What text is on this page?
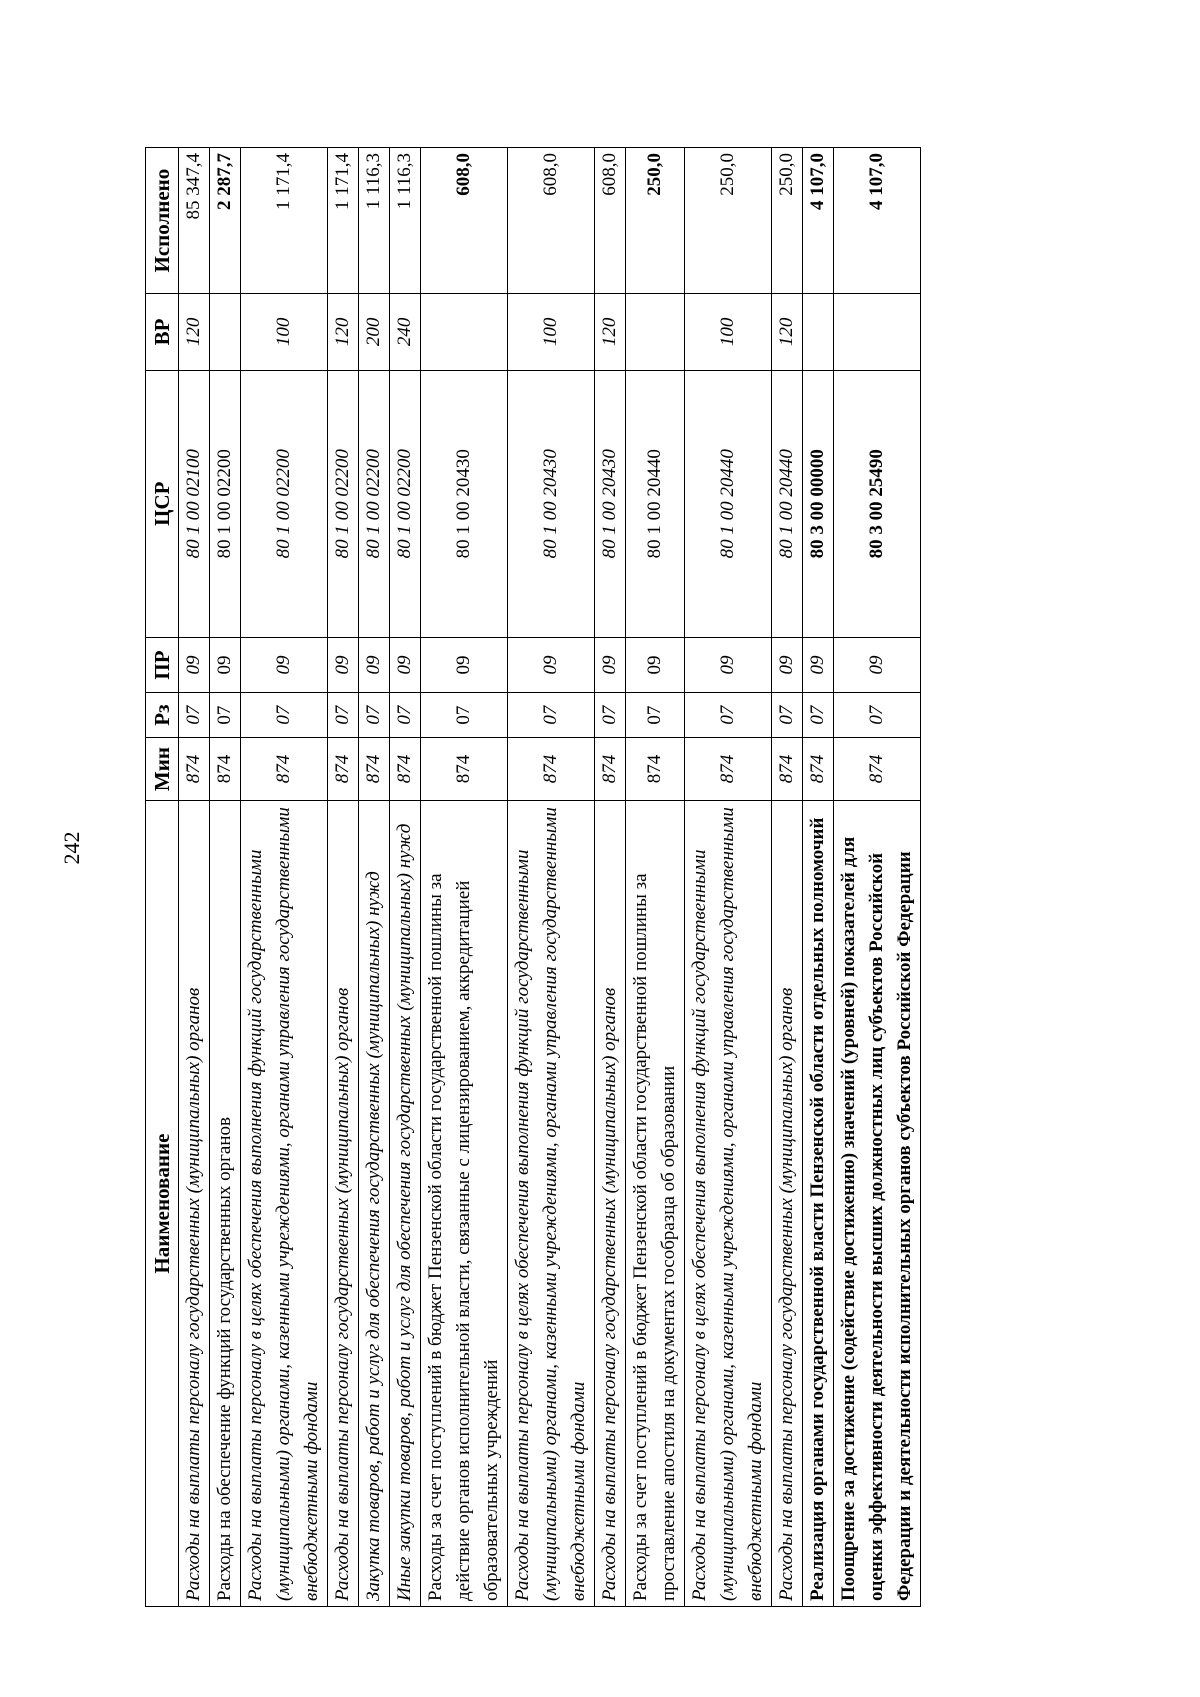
242
Наименование	Мин	Рз	ПР	ЦСР	ВР	Исполнено
Расходы на выплаты персоналу государственных (муниципальных) органов	874	07	09	80 1 00 02100	120	85 347,4
Расходы на обеспечение функций государственных органов	874	07	09	80 1 00 02200		2 287,7
Расходы на выплаты персоналу в целях обеспечения выполнения функций государственными (муниципальными) органами, казенными учреждениями, органами управления государственными внебюджетными фондами	874	07	09	80 1 00 02200	100	1 171,4
Расходы на выплаты персоналу государственных (муниципальных) органов	874	07	09	80 1 00 02200	120	1 171,4
Закупка товаров, работ и услуг для обеспечения государственных (муниципальных) нужд	874	07	09	80 1 00 02200	200	1 116,3
Иные закупки товаров, работ и услуг для обеспечения государственных (муниципальных) нужд	874	07	09	80 1 00 02200	240	1 116,3
Расходы за счет поступлений в бюджет Пензенской области государственной пошлины за действие органов исполнительной власти, связанные с лицензированием, аккредитацией образовательных учреждений	874	07	09	80 1 00 20430		608,0
Расходы на выплаты персоналу в целях обеспечения выполнения функций государственными (муниципальными) органами, казенными учреждениями, органами управления государственными внебюджетными фондами	874	07	09	80 1 00 20430	100	608,0
Расходы на выплаты персоналу государственных (муниципальных) органов	874	07	09	80 1 00 20430	120	608,0
Расходы за счет поступлений в бюджет Пензенской области государственной пошлины за проставление апостиля на документах гособразца об образовании	874	07	09	80 1 00 20440		250,0
Расходы на выплаты персоналу в целях обеспечения выполнения функций государственными (муниципальными) органами, казенными учреждениями, органами управления государственными внебюджетными фондами	874	07	09	80 1 00 20440	100	250,0
Расходы на выплаты персоналу государственных (муниципальных) органов	874	07	09	80 1 00 20440	120	250,0
Реализация органами государственной власти Пензенской области отдельных полномочий	874	07	09	80 3 00 00000		4 107,0
Поощрение за достижение (содействие достижению) значений (уровней) показателей для оценки эффективности деятельности высших должностных лиц субъектов Российской Федерации и деятельности исполнительных органов субъектов Российской Федерации	874	07	09	80 3 00 25490		4 107,0
